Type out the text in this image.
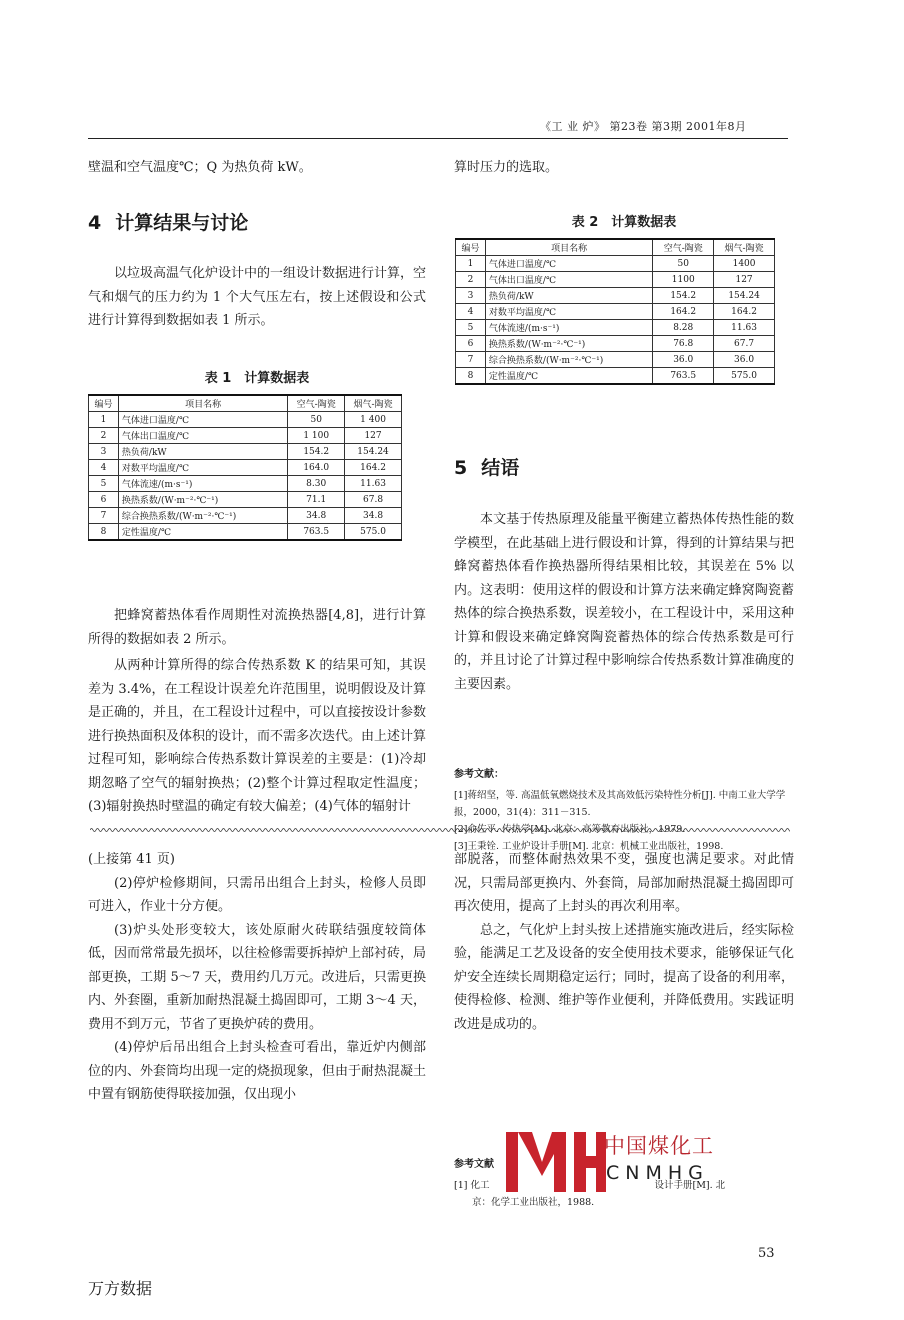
《工 业 炉》 第23卷 第3期 2001年8月
壁温和空气温度℃；Q 为热负荷 kW。
4 计算结果与讨论
以垃圾高温气化炉设计中的一组设计数据进行计算，空气和烟气的压力约为 1 个大气压左右，按上述假设和公式进行计算得到数据如表 1 所示。
表 1　计算数据表
编号	项目名称	空气-陶瓷	烟气-陶瓷
1	气体进口温度/℃	50	1 400
2	气体出口温度/℃	1 100	127
3	热负荷/kW	154.2	154.24
4	对数平均温度/℃	164.0	164.2
5	气体流速/(m·s⁻¹)	8.30	11.63
6	换热系数/(W·m⁻²·℃⁻¹)	71.1	67.8
7	综合换热系数/(W·m⁻²·℃⁻¹)	34.8	34.8
8	定性温度/℃	763.5	575.0
把蜂窝蓄热体看作周期性对流换热器[4,8]，进行计算所得的数据如表 2 所示。
从两种计算所得的综合传热系数 K 的结果可知，其误差为 3.4%，在工程设计误差允许范围里，说明假设及计算是正确的，并且，在工程设计过程中，可以直接按设计参数进行换热面积及体积的设计，而不需多次迭代。由上述计算过程可知，影响综合传热系数计算误差的主要是：(1)冷却期忽略了空气的辐射换热；(2)整个计算过程取定性温度；(3)辐射换热时壁温的确定有较大偏差；(4)气体的辐射计
算时压力的选取。
表 2　计算数据表
编号	项目名称	空气-陶瓷	烟气-陶瓷
1	气体进口温度/℃	50	1400
2	气体出口温度/℃	1100	127
3	热负荷/kW	154.2	154.24
4	对数平均温度/℃	164.2	164.2
5	气体流速/(m·s⁻¹)	8.28	11.63
6	换热系数/(W·m⁻²·℃⁻¹)	76.8	67.7
7	综合换热系数/(W·m⁻²·℃⁻¹)	36.0	36.0
8	定性温度/℃	763.5	575.0
5 结语
本文基于传热原理及能量平衡建立蓄热体传热性能的数学模型，在此基础上进行假设和计算，得到的计算结果与把蜂窝蓄热体看作换热器所得结果相比较，其误差在 5% 以内。这表明：使用这样的假设和计算方法来确定蜂窝陶瓷蓄热体的综合换热系数，误差较小，在工程设计中，采用这种计算和假设来确定蜂窝陶瓷蓄热体的综合传热系数是可行的，并且讨论了计算过程中影响综合传热系数计算准确度的主要因素。

参考文献：

[1]蒋绍坚，等. 高温低氧燃烧技术及其高效低污染特性分析[J]. 中南工业大学学报，2000，31(4)：311－315.

[2]俞佐平. 传热学[M]. 北京：高等教育出版社，1979.

[3]王秉铨. 工业炉设计手册[M]. 北京：机械工业出版社，1998.

(上接第 41 页)

(2)停炉检修期间，只需吊出组合上封头，检修人员即可进入，作业十分方便。

(3)炉头处形变较大，该处原耐火砖联结强度较筒体低，因而常常最先损坏，以往检修需要拆掉炉上部衬砖，局部更换，工期 5～7 天，费用约几万元。改进后，只需更换内、外套圈，重新加耐热混凝土捣固即可，工期 3～4 天，费用不到万元，节省了更换炉砖的费用。

(4)停炉后吊出组合上封头检查可看出，靠近炉内侧部位的内、外套筒均出现一定的烧损现象，但由于耐热混凝土中置有钢筋使得联接加强，仅出现小

部脱落，而整体耐热效果不变，强度也满足要求。对此情况，只需局部更换内、外套筒，局部加耐热混凝土捣固即可再次使用，提高了上封头的再次利用率。

总之，气化炉上封头按上述措施实施改进后，经实际检验，能满足工艺及设备的安全使用技术要求，能够保证气化炉安全连续长周期稳定运行；同时，提高了设备的利用率，使得检修、检测、维护等作业便利，并降低费用。实践证明改进是成功的。

参考文献

[1] 化工	设计手册[M]. 北

京：化学工业出版社，1988.

中国煤化工
CNMHG
53
万方数据
